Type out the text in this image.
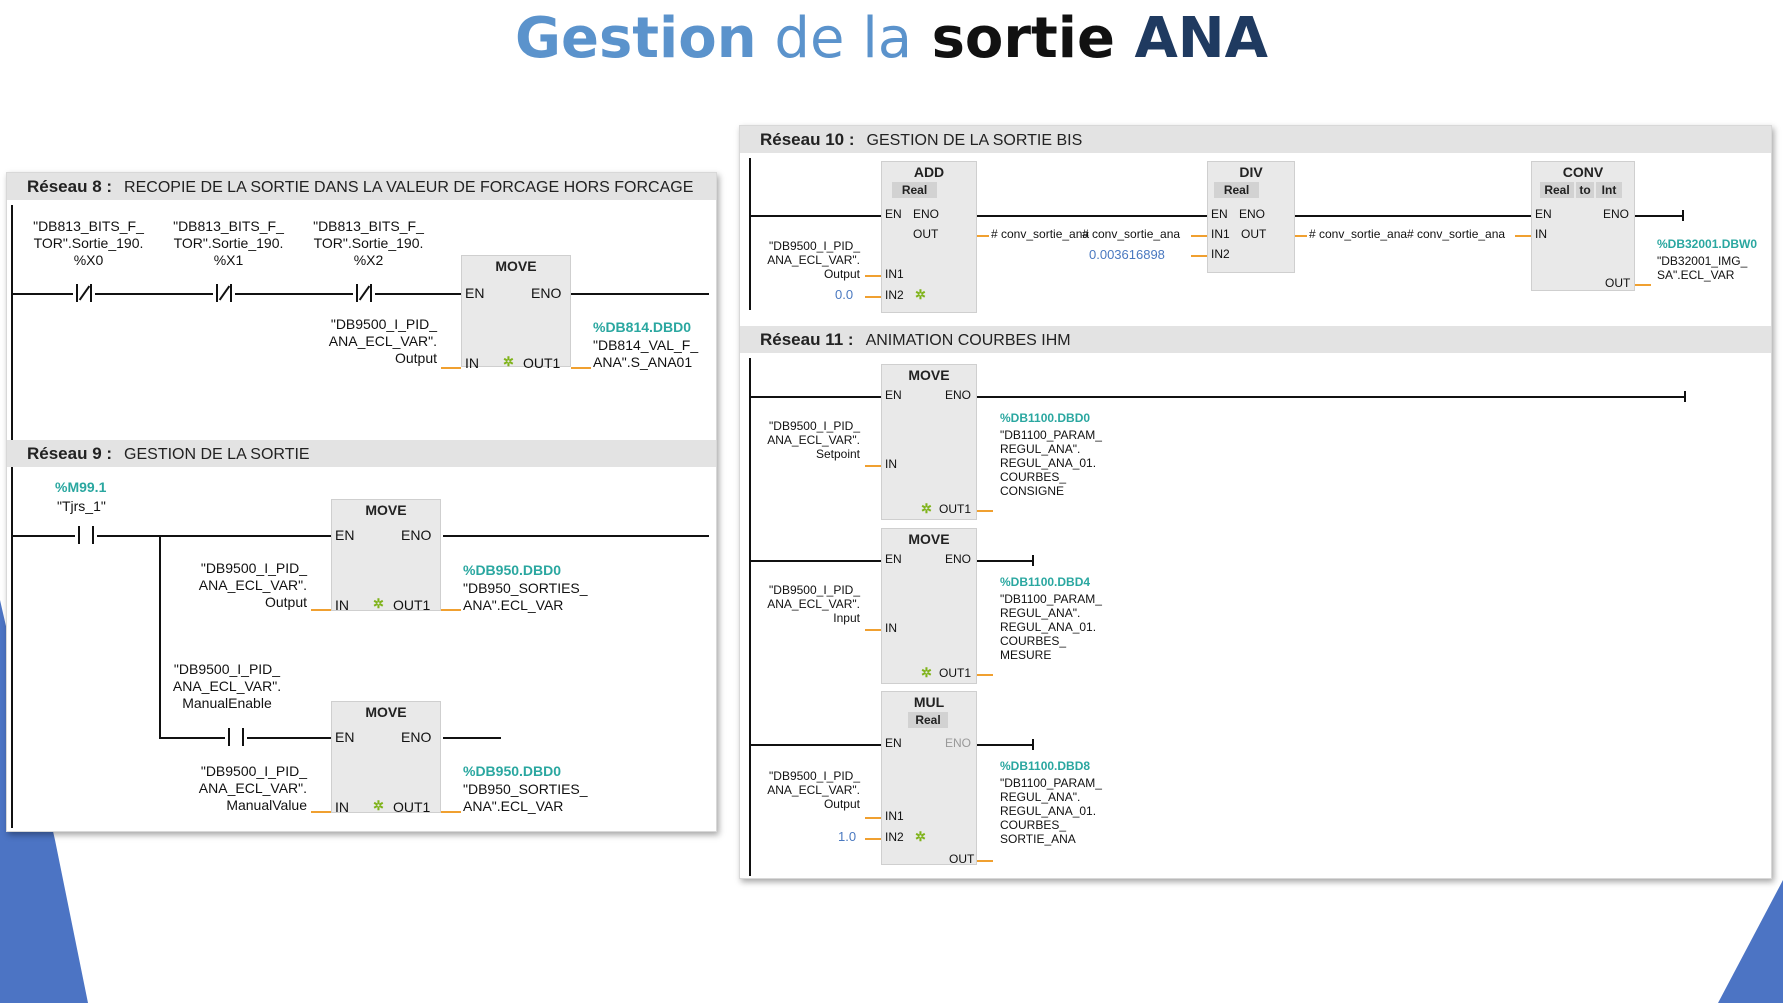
Gestion de la sortie ANA
Réseau 8 : RECOPIE DE LA SORTIE DANS LA VALEUR DE FORCAGE HORS FORCAGE
"DB813_BITS_F_
TOR".Sortie_190.
%X0
"DB813_BITS_F_
TOR".Sortie_190.
%X1
"DB813_BITS_F_
TOR".Sortie_190.
%X2	MOVE
EN	ENO
IN ✲ OUT1
"DB9500_I_PID_
ANA_ECL_VAR".
Output
%DB814.DBD0
"DB814_VAL_F_
ANA".S_ANA01
Réseau 9 : GESTION DE LA SORTIE
%M99.1
"Tjrs_1"
"DB9500_I_PID_
ANA_ECL_VAR".
ManualEnable
MOVE
EN	ENO
IN ✲ OUT1
"DB9500_I_PID_
ANA_ECL_VAR".
Output
%DB950.DBD0
"DB950_SORTIES_
ANA".ECL_VAR
MOVE
EN	ENO
IN ✲ OUT1
"DB9500_I_PID_
ANA_ECL_VAR".
ManualValue
%DB950.DBD0
"DB950_SORTIES_
ANA".ECL_VAR
Réseau 10 : GESTION DE LA SORTIE BIS
ADD
Real
EN ENO
OUT
IN1
IN2 ✲
"DB9500_I_PID_
ANA_ECL_VAR".
Output
0.0
# conv_sortie_ana
DIV
Real
EN ENO
IN1 OUT
IN2
# conv_sortie_ana
0.003616898
# conv_sortie_ana
CONV
Real to Int
EN	ENO
IN
OUT
# conv_sortie_ana
%DB32001.DBW0
"DB32001_IMG_
SA".ECL_VAR
Réseau 11 : ANIMATION COURBES IHM
MOVE
EN	ENO
IN
✲ OUT1
"DB9500_I_PID_
ANA_ECL_VAR".
Setpoint
%DB1100.DBD0
"DB1100_PARAM_
REGUL_ANA".
REGUL_ANA_01.
COURBES_
CONSIGNE
MOVE
EN	ENO
IN
✲ OUT1
"DB9500_I_PID_
ANA_ECL_VAR".
Input
%DB1100.DBD4
"DB1100_PARAM_
REGUL_ANA".
REGUL_ANA_01.
COURBES_
MESURE
MUL
Real
EN	ENO
IN1
IN2 ✲
OUT
"DB9500_I_PID_
ANA_ECL_VAR".
Output
1.0
%DB1100.DBD8
"DB1100_PARAM_
REGUL_ANA".
REGUL_ANA_01.
COURBES_
SORTIE_ANA
